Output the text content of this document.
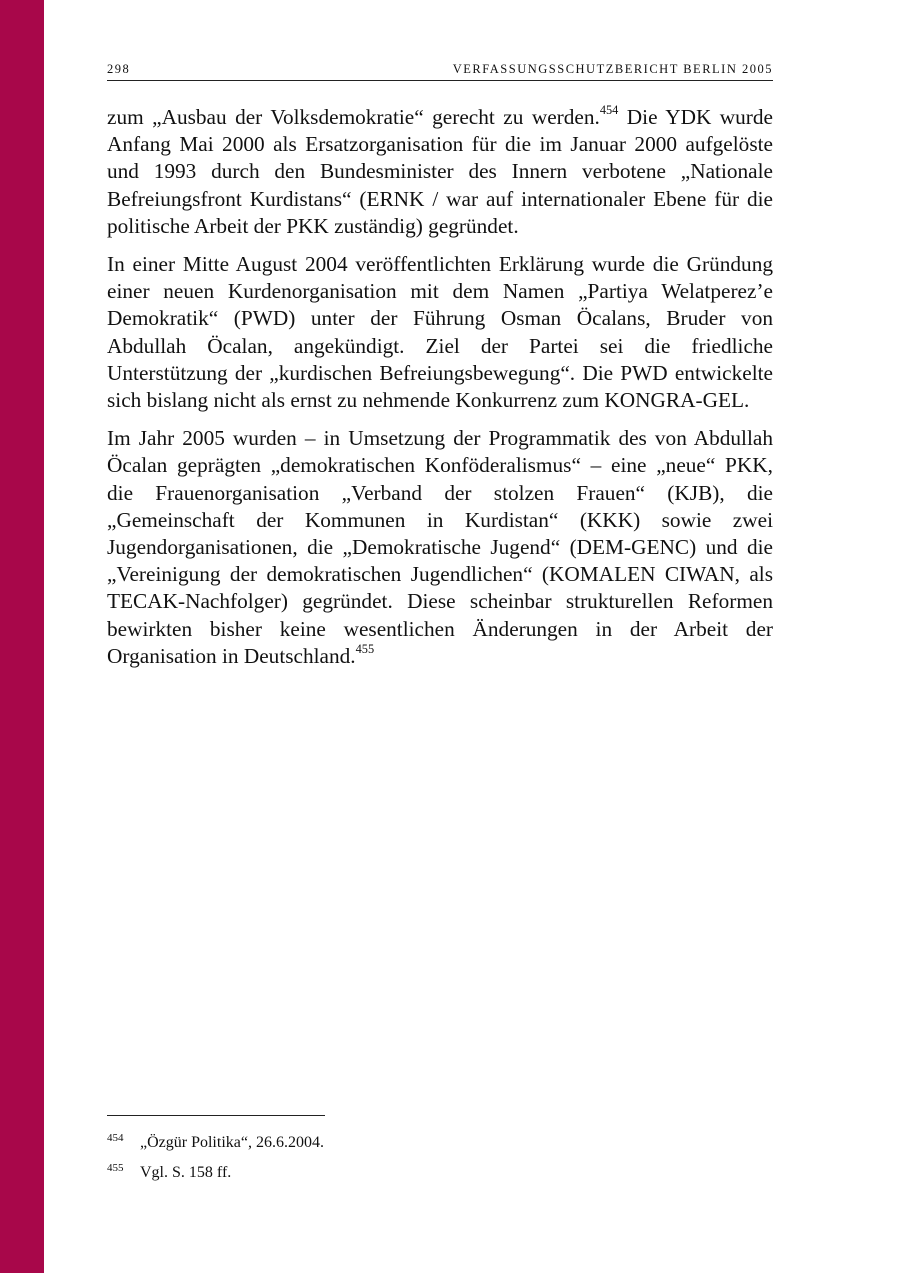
298	VERFASSUNGSSCHUTZBERICHT BERLIN 2005

zum „Ausbau der Volksdemokratie“ gerecht zu werden.$^{454}$ Die YDK wurde Anfang Mai 2000 als Ersatzorganisation für die im Januar 2000 aufgelöste und 1993 durch den Bundesminister des Innern verbotene „Nationale Befreiungsfront Kurdistans“ (ERNK / war auf internationaler Ebene für die politische Arbeit der PKK zuständig) gegründet.

In einer Mitte August 2004 veröffentlichten Erklärung wurde die Gründung einer neuen Kurdenorganisation mit dem Namen „Partiya Welatperez’e Demokratik“ (PWD) unter der Führung Osman Öcalans, Bruder von Abdullah Öcalan, angekündigt. Ziel der Partei sei die friedliche Unterstützung der „kurdischen Befreiungsbewegung“. Die PWD entwickelte sich bislang nicht als ernst zu nehmende Konkurrenz zum KONGRA-GEL.

Im Jahr 2005 wurden – in Umsetzung der Programmatik des von Abdullah Öcalan geprägten „demokratischen Konföderalismus“ – eine „neue“ PKK, die Frauenorganisation „Verband der stolzen Frauen“ (KJB), die „Gemeinschaft der Kommunen in Kurdistan“ (KKK) sowie zwei Jugendorganisationen, die „Demokratische Jugend“ (DEM-GENC) und die „Vereinigung der demokratischen Jugendlichen“ (KOMALEN CIWAN, als TECAK-Nachfolger) gegründet. Diese scheinbar strukturellen Reformen bewirkten bisher keine wesentlichen Änderungen in der Arbeit der Organisation in Deutschland.$^{455}$

454 „Özgür Politika“, 26.6.2004.
455 Vgl. S. 158 ff.
